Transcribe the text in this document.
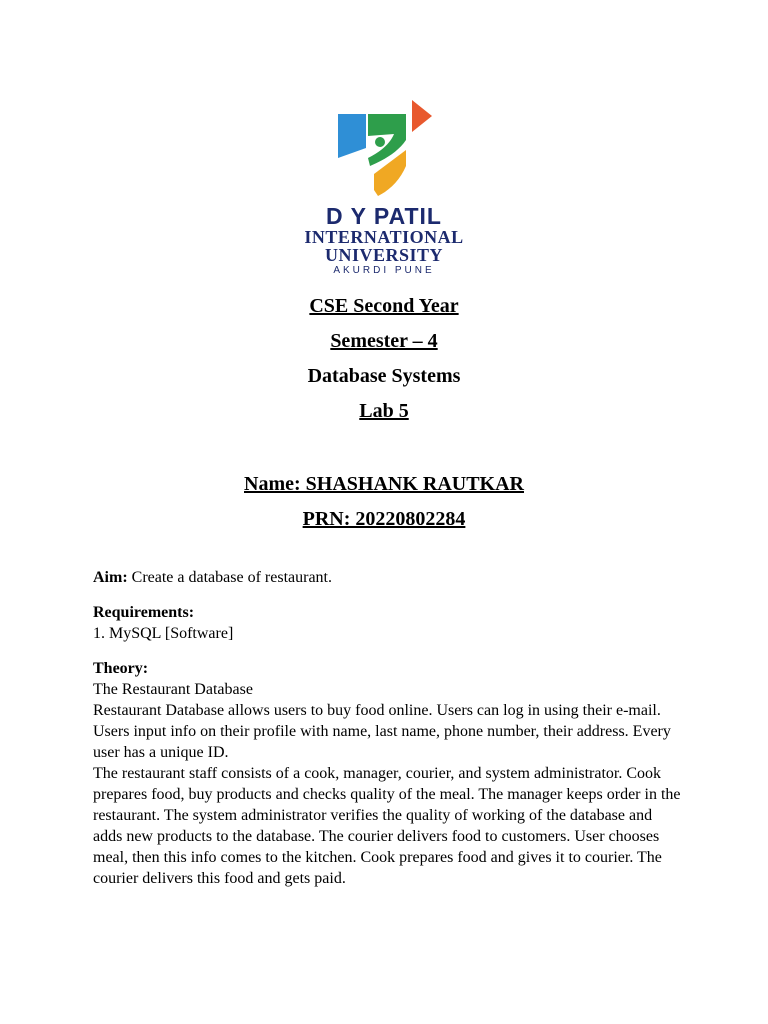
D Y PATIL
INTERNATIONAL
UNIVERSITY
AKURDI PUNE

CSE Second Year

Semester – 4

Database Systems

Lab 5

Name: SHASHANK RAUTKAR

PRN: 20220802284

Aim: Create a database of restaurant.

Requirements:

1. MySQL [Software]

Theory:

The Restaurant Database

Restaurant Database allows users to buy food online. Users can log in using their e-mail. Users input info on their profile with name, last name, phone number, their address. Every user has a unique ID.

The restaurant staff consists of a cook, manager, courier, and system administrator. Cook prepares food, buy products and checks quality of the meal. The manager keeps order in the restaurant. The system administrator verifies the quality of working of the database and adds new products to the database. The courier delivers food to customers. User chooses meal, then this info comes to the kitchen. Cook prepares food and gives it to courier. The courier delivers this food and gets paid.
